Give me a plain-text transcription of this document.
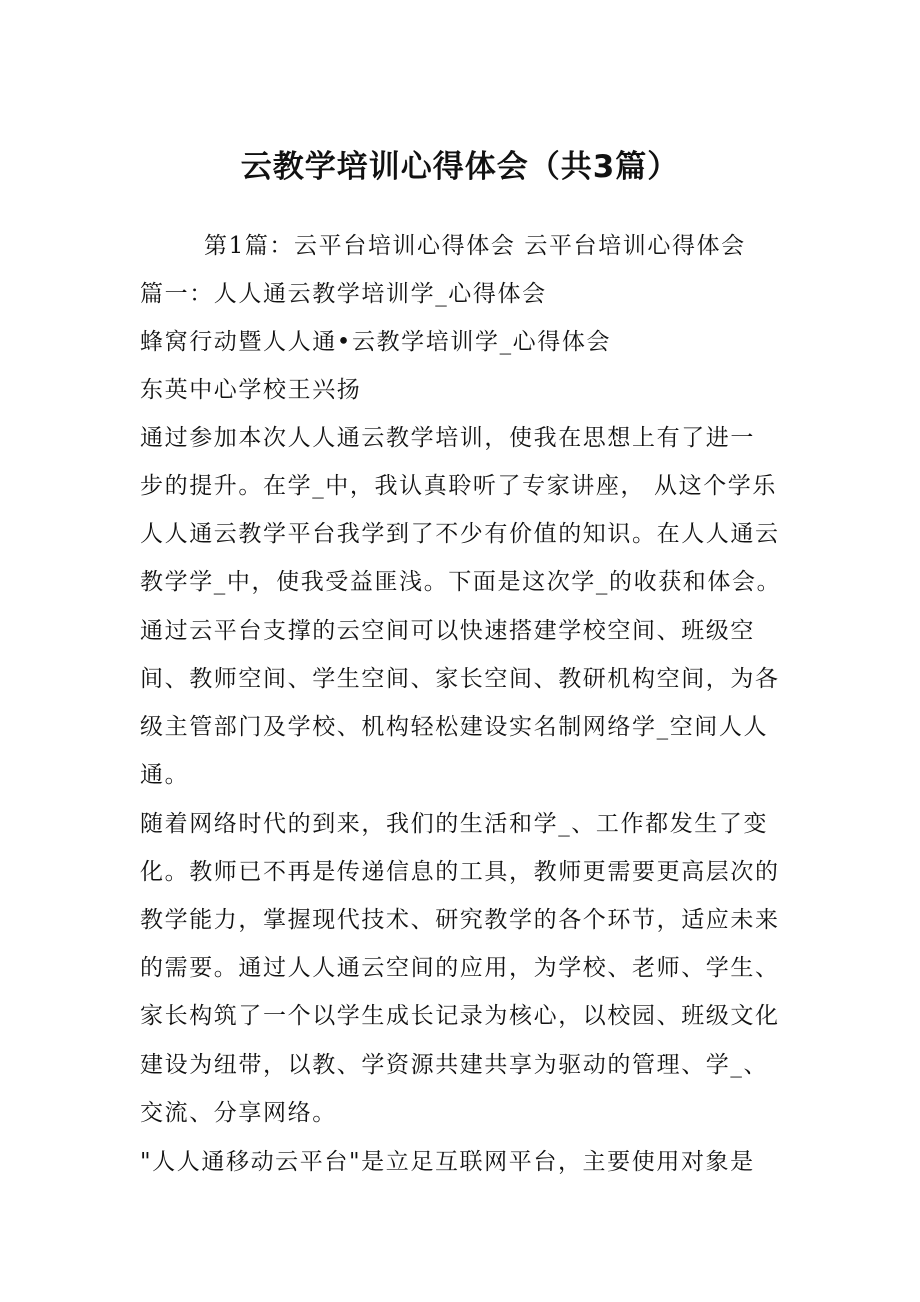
云教学培训心得体会（共3篇）
第1篇：云平台培训心得体会 云平台培训心得体会
篇一：人人通云教学培训学_心得体会
蜂窝行动暨人人通•云教学培训学_心得体会
东英中心学校王兴扬
通过参加本次人人通云教学培训，使我在思想上有了进一
步的提升。在学_中，我认真聆听了专家讲座， 从这个学乐
人人通云教学平台我学到了不少有价值的知识。在人人通云
教学学_中，使我受益匪浅。下面是这次学_的收获和体会。
通过云平台支撑的云空间可以快速搭建学校空间、班级空
间、教师空间、学生空间、家长空间、教研机构空间，为各
级主管部门及学校、机构轻松建设实名制网络学_空间人人
通。
随着网络时代的到来，我们的生活和学_、工作都发生了变
化。教师已不再是传递信息的工具，教师更需要更高层次的
教学能力，掌握现代技术、研究教学的各个环节，适应未来
的需要。通过人人通云空间的应用，为学校、老师、学生、
家长构筑了一个以学生成长记录为核心，以校园、班级文化
建设为纽带，以教、学资源共建共享为驱动的管理、学_、
交流、分享网络。
"人人通移动云平台"是立足互联网平台，主要使用对象是
